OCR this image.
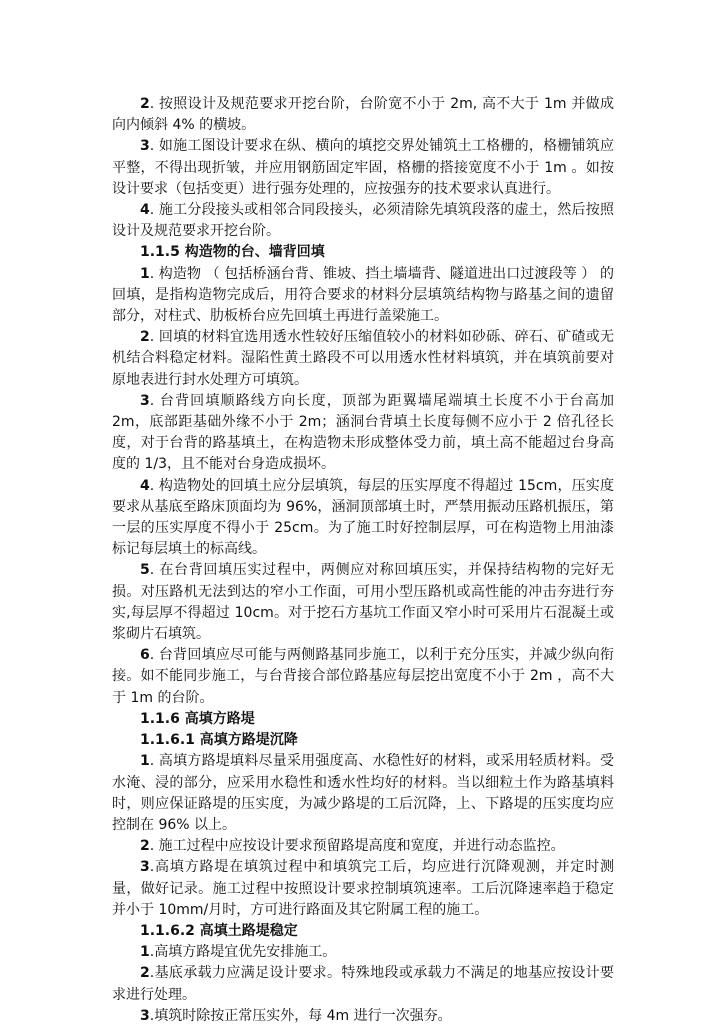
2. 按照设计及规范要求开挖台阶，台阶宽不小于 2m, 高不大于 1m 并做成向内倾斜 4% 的横坡。

3. 如施工图设计要求在纵、横向的填挖交界处铺筑土工格栅的，格栅铺筑应平整，不得出现折皱，并应用钢筋固定牢固，格栅的搭接宽度不小于 1m 。如按设计要求（包括变更）进行强夯处理的，应按强夯的技术要求认真进行。

4. 施工分段接头或相邻合同段接头，必须清除先填筑段落的虚土，然后按照设计及规范要求开挖台阶。

1.1.5 构造物的台、墙背回填

1. 构造物 （ 包括桥涵台背、锥坡、挡土墙墙背、隧道进出口过渡段等 ） 的回填，是指构造物完成后，用符合要求的材料分层填筑结构物与路基之间的遗留部分，对柱式、肋板桥台应先回填土再进行盖梁施工。

2. 回填的材料宜选用透水性较好压缩值较小的材料如砂砾、碎石、矿碴或无机结合料稳定材料。湿陷性黄土路段不可以用透水性材料填筑，并在填筑前要对原地表进行封水处理方可填筑。

3. 台背回填顺路线方向长度，顶部为距翼墙尾端填土长度不小于台高加 2m，底部距基础外缘不小于 2m；涵洞台背填土长度每侧不应小于 2 倍孔径长度，对于台背的路基填土，在构造物未形成整体受力前，填土高不能超过台身高度的 1/3，且不能对台身造成损坏。

4. 构造物处的回填土应分层填筑，每层的压实厚度不得超过 15cm，压实度要求从基底至路床顶面均为 96%，涵洞顶部填土时，严禁用振动压路机振压，第一层的压实厚度不得小于 25cm。为了施工时好控制层厚，可在构造物上用油漆标记每层填土的标高线。

5. 在台背回填压实过程中，两侧应对称回填压实，并保持结构物的完好无损。对压路机无法到达的窄小工作面，可用小型压路机或高性能的冲击夯进行夯实,每层厚不得超过 10cm。对于挖石方基坑工作面又窄小时可采用片石混凝土或浆砌片石填筑。

6. 台背回填应尽可能与两侧路基同步施工，以利于充分压实，并减少纵向衔接。如不能同步施工，与台背接合部位路基应每层挖出宽度不小于 2m ，高不大于 1m 的台阶。

1.1.6 高填方路堤

1.1.6.1 高填方路堤沉降

1. 高填方路堤填料尽量采用强度高、水稳性好的材料，或采用轻质材料。受水淹、浸的部分，应采用水稳性和透水性均好的材料。当以细粒土作为路基填料时，则应保证路堤的压实度，为减少路堤的工后沉降，上、下路堤的压实度均应控制在 96% 以上。

2. 施工过程中应按设计要求预留路堤高度和宽度，并进行动态监控。

3.高填方路堤在填筑过程中和填筑完工后，均应进行沉降观测，并定时测量，做好记录。施工过程中按照设计要求控制填筑速率。工后沉降速率趋于稳定并小于 10mm/月时，方可进行路面及其它附属工程的施工。

1.1.6.2 高填土路堤稳定

1.高填方路堤宜优先安排施工。

2.基底承载力应满足设计要求。特殊地段或承载力不满足的地基应按设计要求进行处理。

3.填筑时除按正常压实外，每 4m 进行一次强夯。
